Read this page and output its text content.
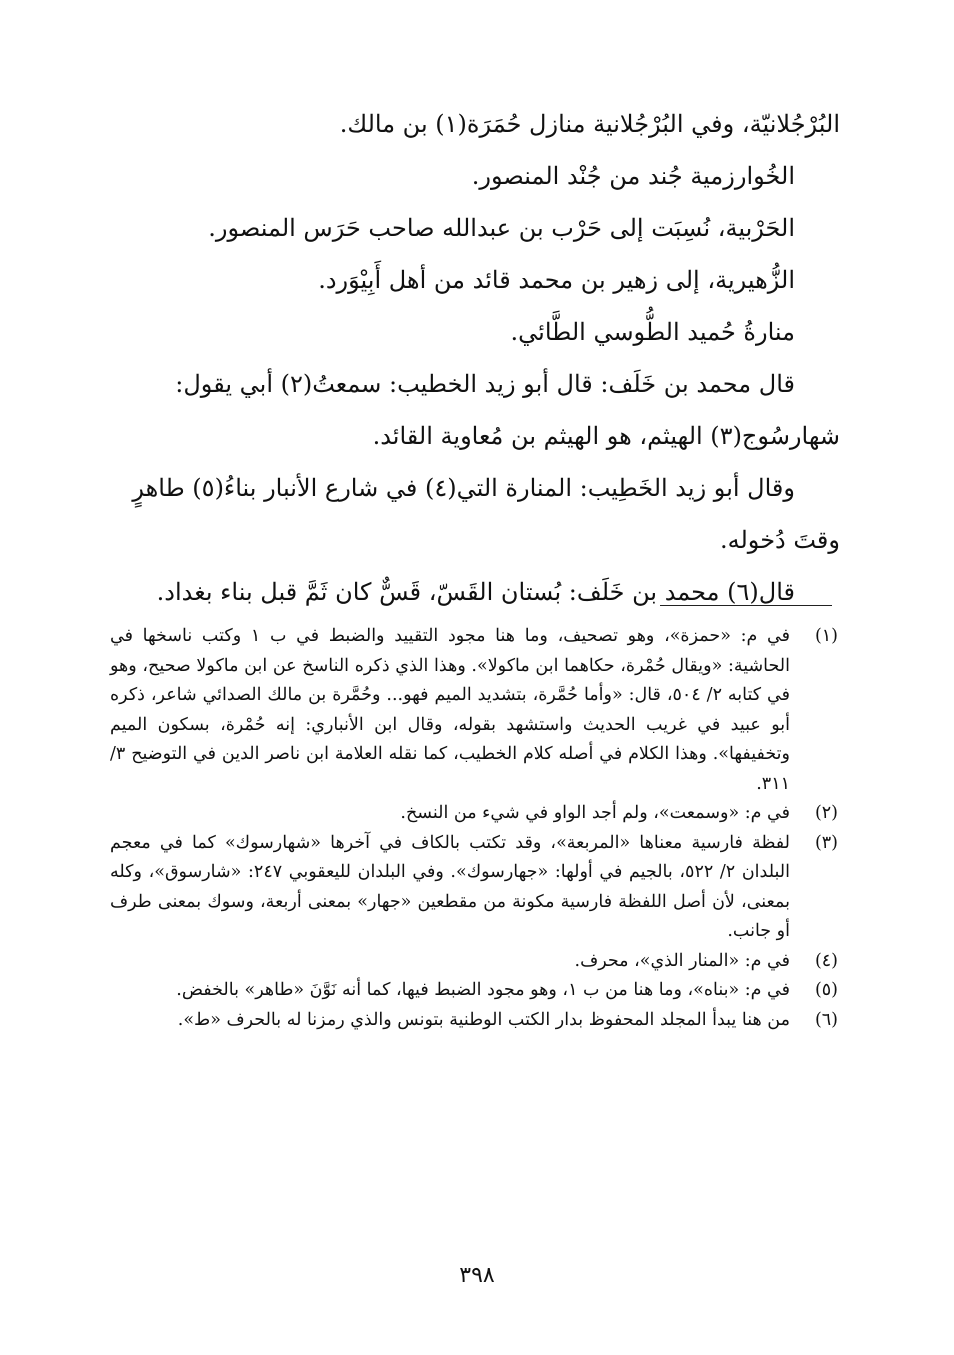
البُرْجُلانيّة، وفي البُرْجُلانية منازل حُمَرَة(١) بن مالك.

الخُوارزمية جُند من جُنْد المنصور.

الحَرْبية، نُسِبَت إلى حَرْب بن عبدالله صاحب حَرَس المنصور.

الزُّهيرية، إلى زهير بن محمد قائد من أهل أَبِيْوَرد.

منارةُ حُميد الطُّوسي الطَّائي.

قال محمد بن خَلَف: قال أبو زيد الخطيب: سمعتُ(٢) أبي يقول:

شهارسُوج(٣) الهيثم، هو الهيثم بن مُعاوية القائد.

وقال أبو زيد الخَطِيب: المنارة التي(٤) في شارع الأنبار بناءُ(٥) طاهرٍ

وقتَ دُخوله.

قال(٦) محمد بن خَلَف: بُستان القَسّ، قَسٌّ كان ثَمَّ قبل بناء بغداد.

(١)
في م: «حمزة»، وهو تصحيف، وما هنا مجود التقييد والضبط في ب ١ وكتب ناسخها في الحاشية: «ويقال حُمْرة، حكاهما ابن ماكولا». وهذا الذي ذكره الناسخ عن ابن ماكولا صحيح، وهو في كتابه ٢/ ٥٠٤، قال: «وأما حُمَّرة، بتشديد الميم فهو... وحُمَّرة بن مالك الصدائي شاعر، ذكره أبو عبيد في غريب الحديث واستشهد بقوله، وقال ابن الأنباري: إنه حُمْرة، بسكون الميم وتخفيفها». وهذا الكلام في أصله كلام الخطيب، كما نقله العلامة ابن ناصر الدين في التوضيح ٣/ ٣١١.
(٢)
في م: «وسمعت»، ولم أجد الواو في شيء من النسخ.
(٣)
لفظة فارسية معناها «المربعة»، وقد تكتب بالكاف في آخرها «شهارسوك» كما في معجم البلدان ٢/ ٥٢٢، بالجيم في أولها: «جهارسوك». وفي البلدان لليعقوبي ٢٤٧: «شارسوق»، وكله بمعنى، لأن أصل اللفظة فارسية مكونة من مقطعين «جهار» بمعنى أربعة، وسوك بمعنى طرف أو جانب.
(٤)
في م: «المنار الذي»، محرف.
(٥)
في م: «بناه»، وما هنا من ب ١، وهو مجود الضبط فيها، كما أنه نَوَّنَ «طاهر» بالخفض.
(٦)
من هنا يبدأ المجلد المحفوظ بدار الكتب الوطنية بتونس والذي رمزنا له بالحرف «ط».
٣٩٨
